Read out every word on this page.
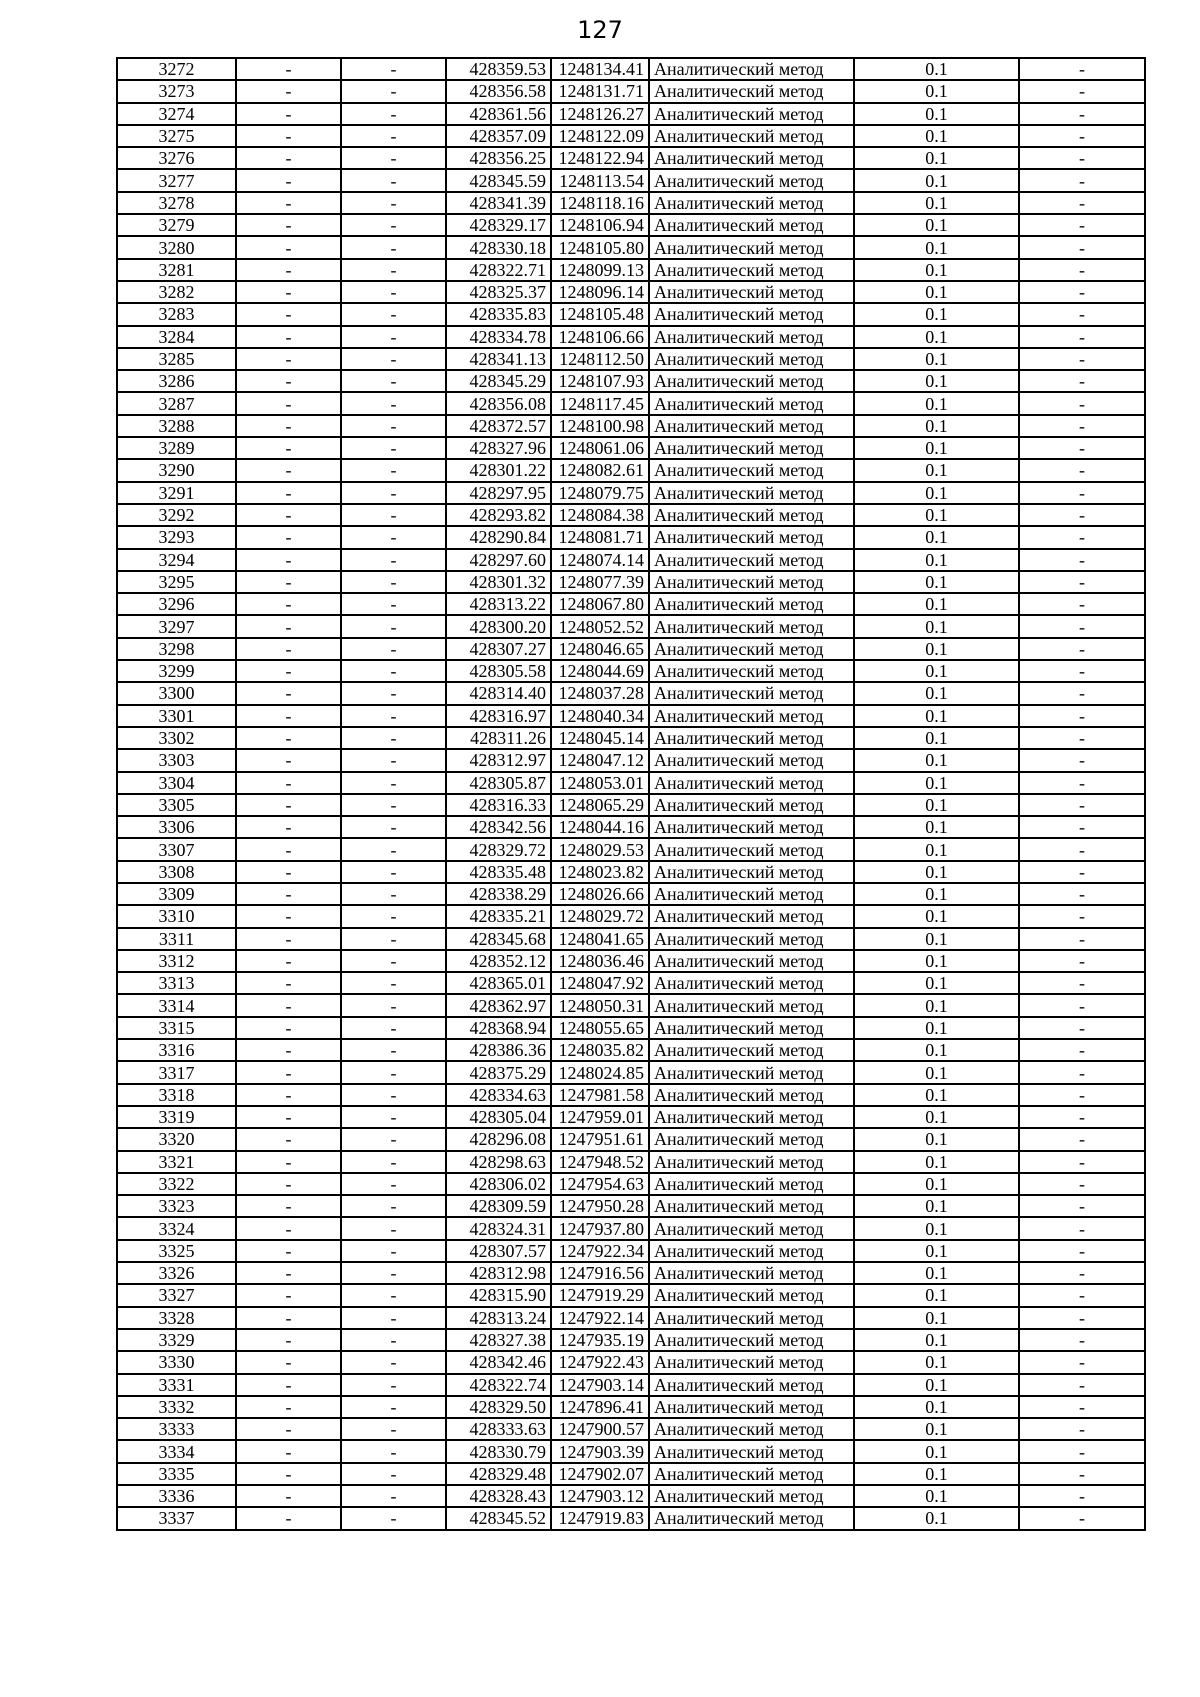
127
3272	-	-	428359.53	1248134.41	Аналитический метод	0.1	-
3273	-	-	428356.58	1248131.71	Аналитический метод	0.1	-
3274	-	-	428361.56	1248126.27	Аналитический метод	0.1	-
3275	-	-	428357.09	1248122.09	Аналитический метод	0.1	-
3276	-	-	428356.25	1248122.94	Аналитический метод	0.1	-
3277	-	-	428345.59	1248113.54	Аналитический метод	0.1	-
3278	-	-	428341.39	1248118.16	Аналитический метод	0.1	-
3279	-	-	428329.17	1248106.94	Аналитический метод	0.1	-
3280	-	-	428330.18	1248105.80	Аналитический метод	0.1	-
3281	-	-	428322.71	1248099.13	Аналитический метод	0.1	-
3282	-	-	428325.37	1248096.14	Аналитический метод	0.1	-
3283	-	-	428335.83	1248105.48	Аналитический метод	0.1	-
3284	-	-	428334.78	1248106.66	Аналитический метод	0.1	-
3285	-	-	428341.13	1248112.50	Аналитический метод	0.1	-
3286	-	-	428345.29	1248107.93	Аналитический метод	0.1	-
3287	-	-	428356.08	1248117.45	Аналитический метод	0.1	-
3288	-	-	428372.57	1248100.98	Аналитический метод	0.1	-
3289	-	-	428327.96	1248061.06	Аналитический метод	0.1	-
3290	-	-	428301.22	1248082.61	Аналитический метод	0.1	-
3291	-	-	428297.95	1248079.75	Аналитический метод	0.1	-
3292	-	-	428293.82	1248084.38	Аналитический метод	0.1	-
3293	-	-	428290.84	1248081.71	Аналитический метод	0.1	-
3294	-	-	428297.60	1248074.14	Аналитический метод	0.1	-
3295	-	-	428301.32	1248077.39	Аналитический метод	0.1	-
3296	-	-	428313.22	1248067.80	Аналитический метод	0.1	-
3297	-	-	428300.20	1248052.52	Аналитический метод	0.1	-
3298	-	-	428307.27	1248046.65	Аналитический метод	0.1	-
3299	-	-	428305.58	1248044.69	Аналитический метод	0.1	-
3300	-	-	428314.40	1248037.28	Аналитический метод	0.1	-
3301	-	-	428316.97	1248040.34	Аналитический метод	0.1	-
3302	-	-	428311.26	1248045.14	Аналитический метод	0.1	-
3303	-	-	428312.97	1248047.12	Аналитический метод	0.1	-
3304	-	-	428305.87	1248053.01	Аналитический метод	0.1	-
3305	-	-	428316.33	1248065.29	Аналитический метод	0.1	-
3306	-	-	428342.56	1248044.16	Аналитический метод	0.1	-
3307	-	-	428329.72	1248029.53	Аналитический метод	0.1	-
3308	-	-	428335.48	1248023.82	Аналитический метод	0.1	-
3309	-	-	428338.29	1248026.66	Аналитический метод	0.1	-
3310	-	-	428335.21	1248029.72	Аналитический метод	0.1	-
3311	-	-	428345.68	1248041.65	Аналитический метод	0.1	-
3312	-	-	428352.12	1248036.46	Аналитический метод	0.1	-
3313	-	-	428365.01	1248047.92	Аналитический метод	0.1	-
3314	-	-	428362.97	1248050.31	Аналитический метод	0.1	-
3315	-	-	428368.94	1248055.65	Аналитический метод	0.1	-
3316	-	-	428386.36	1248035.82	Аналитический метод	0.1	-
3317	-	-	428375.29	1248024.85	Аналитический метод	0.1	-
3318	-	-	428334.63	1247981.58	Аналитический метод	0.1	-
3319	-	-	428305.04	1247959.01	Аналитический метод	0.1	-
3320	-	-	428296.08	1247951.61	Аналитический метод	0.1	-
3321	-	-	428298.63	1247948.52	Аналитический метод	0.1	-
3322	-	-	428306.02	1247954.63	Аналитический метод	0.1	-
3323	-	-	428309.59	1247950.28	Аналитический метод	0.1	-
3324	-	-	428324.31	1247937.80	Аналитический метод	0.1	-
3325	-	-	428307.57	1247922.34	Аналитический метод	0.1	-
3326	-	-	428312.98	1247916.56	Аналитический метод	0.1	-
3327	-	-	428315.90	1247919.29	Аналитический метод	0.1	-
3328	-	-	428313.24	1247922.14	Аналитический метод	0.1	-
3329	-	-	428327.38	1247935.19	Аналитический метод	0.1	-
3330	-	-	428342.46	1247922.43	Аналитический метод	0.1	-
3331	-	-	428322.74	1247903.14	Аналитический метод	0.1	-
3332	-	-	428329.50	1247896.41	Аналитический метод	0.1	-
3333	-	-	428333.63	1247900.57	Аналитический метод	0.1	-
3334	-	-	428330.79	1247903.39	Аналитический метод	0.1	-
3335	-	-	428329.48	1247902.07	Аналитический метод	0.1	-
3336	-	-	428328.43	1247903.12	Аналитический метод	0.1	-
3337	-	-	428345.52	1247919.83	Аналитический метод	0.1	-
